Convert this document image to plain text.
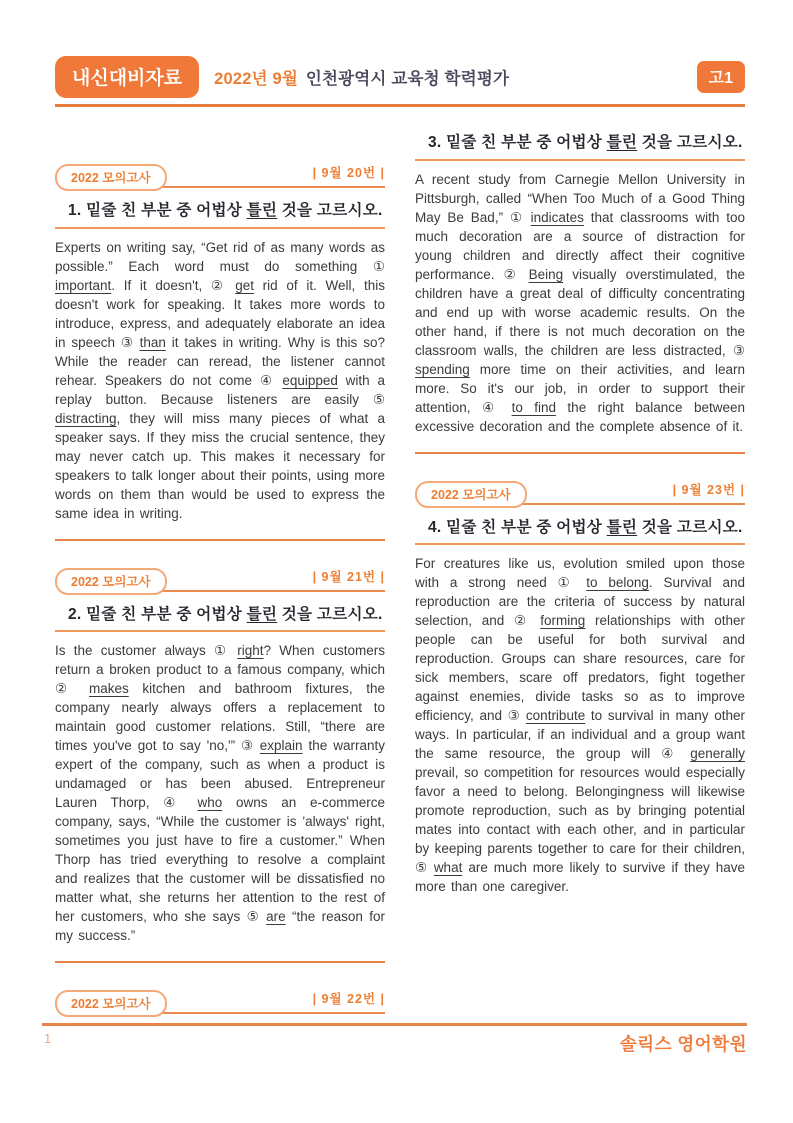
내신대비자료	2022년 9월 인천광역시 교육청 학력평가	고1
2022 모의고사	| 9월 20번 |
1. 밑줄 친 부분 중 어법상 틀린 것을 고르시오.

Experts on writing say, “Get rid of as many words as possible.” Each word must do something ① important. If it doesn't, ② get rid of it. Well, this doesn't work for speaking. It takes more words to introduce, express, and adequately elaborate an idea in speech ③ than it takes in writing. Why is this so? While the reader can reread, the listener cannot rehear. Speakers do not come ④ equipped with a replay button. Because listeners are easily ⑤ distracting, they will miss many pieces of what a speaker says. If they miss the crucial sentence, they may never catch up. This makes it necessary for speakers to talk longer about their points, using more words on them than would be used to express the same idea in writing.

2022 모의고사	| 9월 21번 |
2. 밑줄 친 부분 중 어법상 틀린 것을 고르시오.

Is the customer always ① right? When customers return a broken product to a famous company, which ② makes kitchen and bathroom fixtures, the company nearly always offers a replacement to maintain good customer relations. Still, “there are times you've got to say 'no,'” ③ explain the warranty expert of the company, such as when a product is undamaged or has been abused. Entrepreneur Lauren Thorp, ④ who owns an e-commerce company, says, “While the customer is 'always' right, sometimes you just have to fire a customer.” When Thorp has tried everything to resolve a complaint and realizes that the customer will be dissatisfied no matter what, she returns her attention to the rest of her customers, who she says ⑤ are “the reason for my success.”

2022 모의고사	| 9월 22번 |
3. 밑줄 친 부분 중 어법상 틀린 것을 고르시오.

A recent study from Carnegie Mellon University in Pittsburgh, called “When Too Much of a Good Thing May Be Bad,” ① indicates that classrooms with too much decoration are a source of distraction for young children and directly affect their cognitive performance. ② Being visually overstimulated, the children have a great deal of difficulty concentrating and end up with worse academic results. On the other hand, if there is not much decoration on the classroom walls, the children are less distracted, ③ spending more time on their activities, and learn more. So it's our job, in order to support their attention, ④ to find the right balance between excessive decoration and the complete absence of it.

2022 모의고사	| 9월 23번 |
4. 밑줄 친 부분 중 어법상 틀린 것을 고르시오.

For creatures like us, evolution smiled upon those with a strong need ① to belong. Survival and reproduction are the criteria of success by natural selection, and ② forming relationships with other people can be useful for both survival and reproduction. Groups can share resources, care for sick members, scare off predators, fight together against enemies, divide tasks so as to improve efficiency, and ③ contribute to survival in many other ways. In particular, if an individual and a group want the same resource, the group will ④ generally prevail, so competition for resources would especially favor a need to belong. Belongingness will likewise promote reproduction, such as by bringing potential mates into contact with each other, and in particular by keeping parents together to care for their children, ⑤ what are much more likely to survive if they have more than one caregiver.

1	솔릭스 영어학원
